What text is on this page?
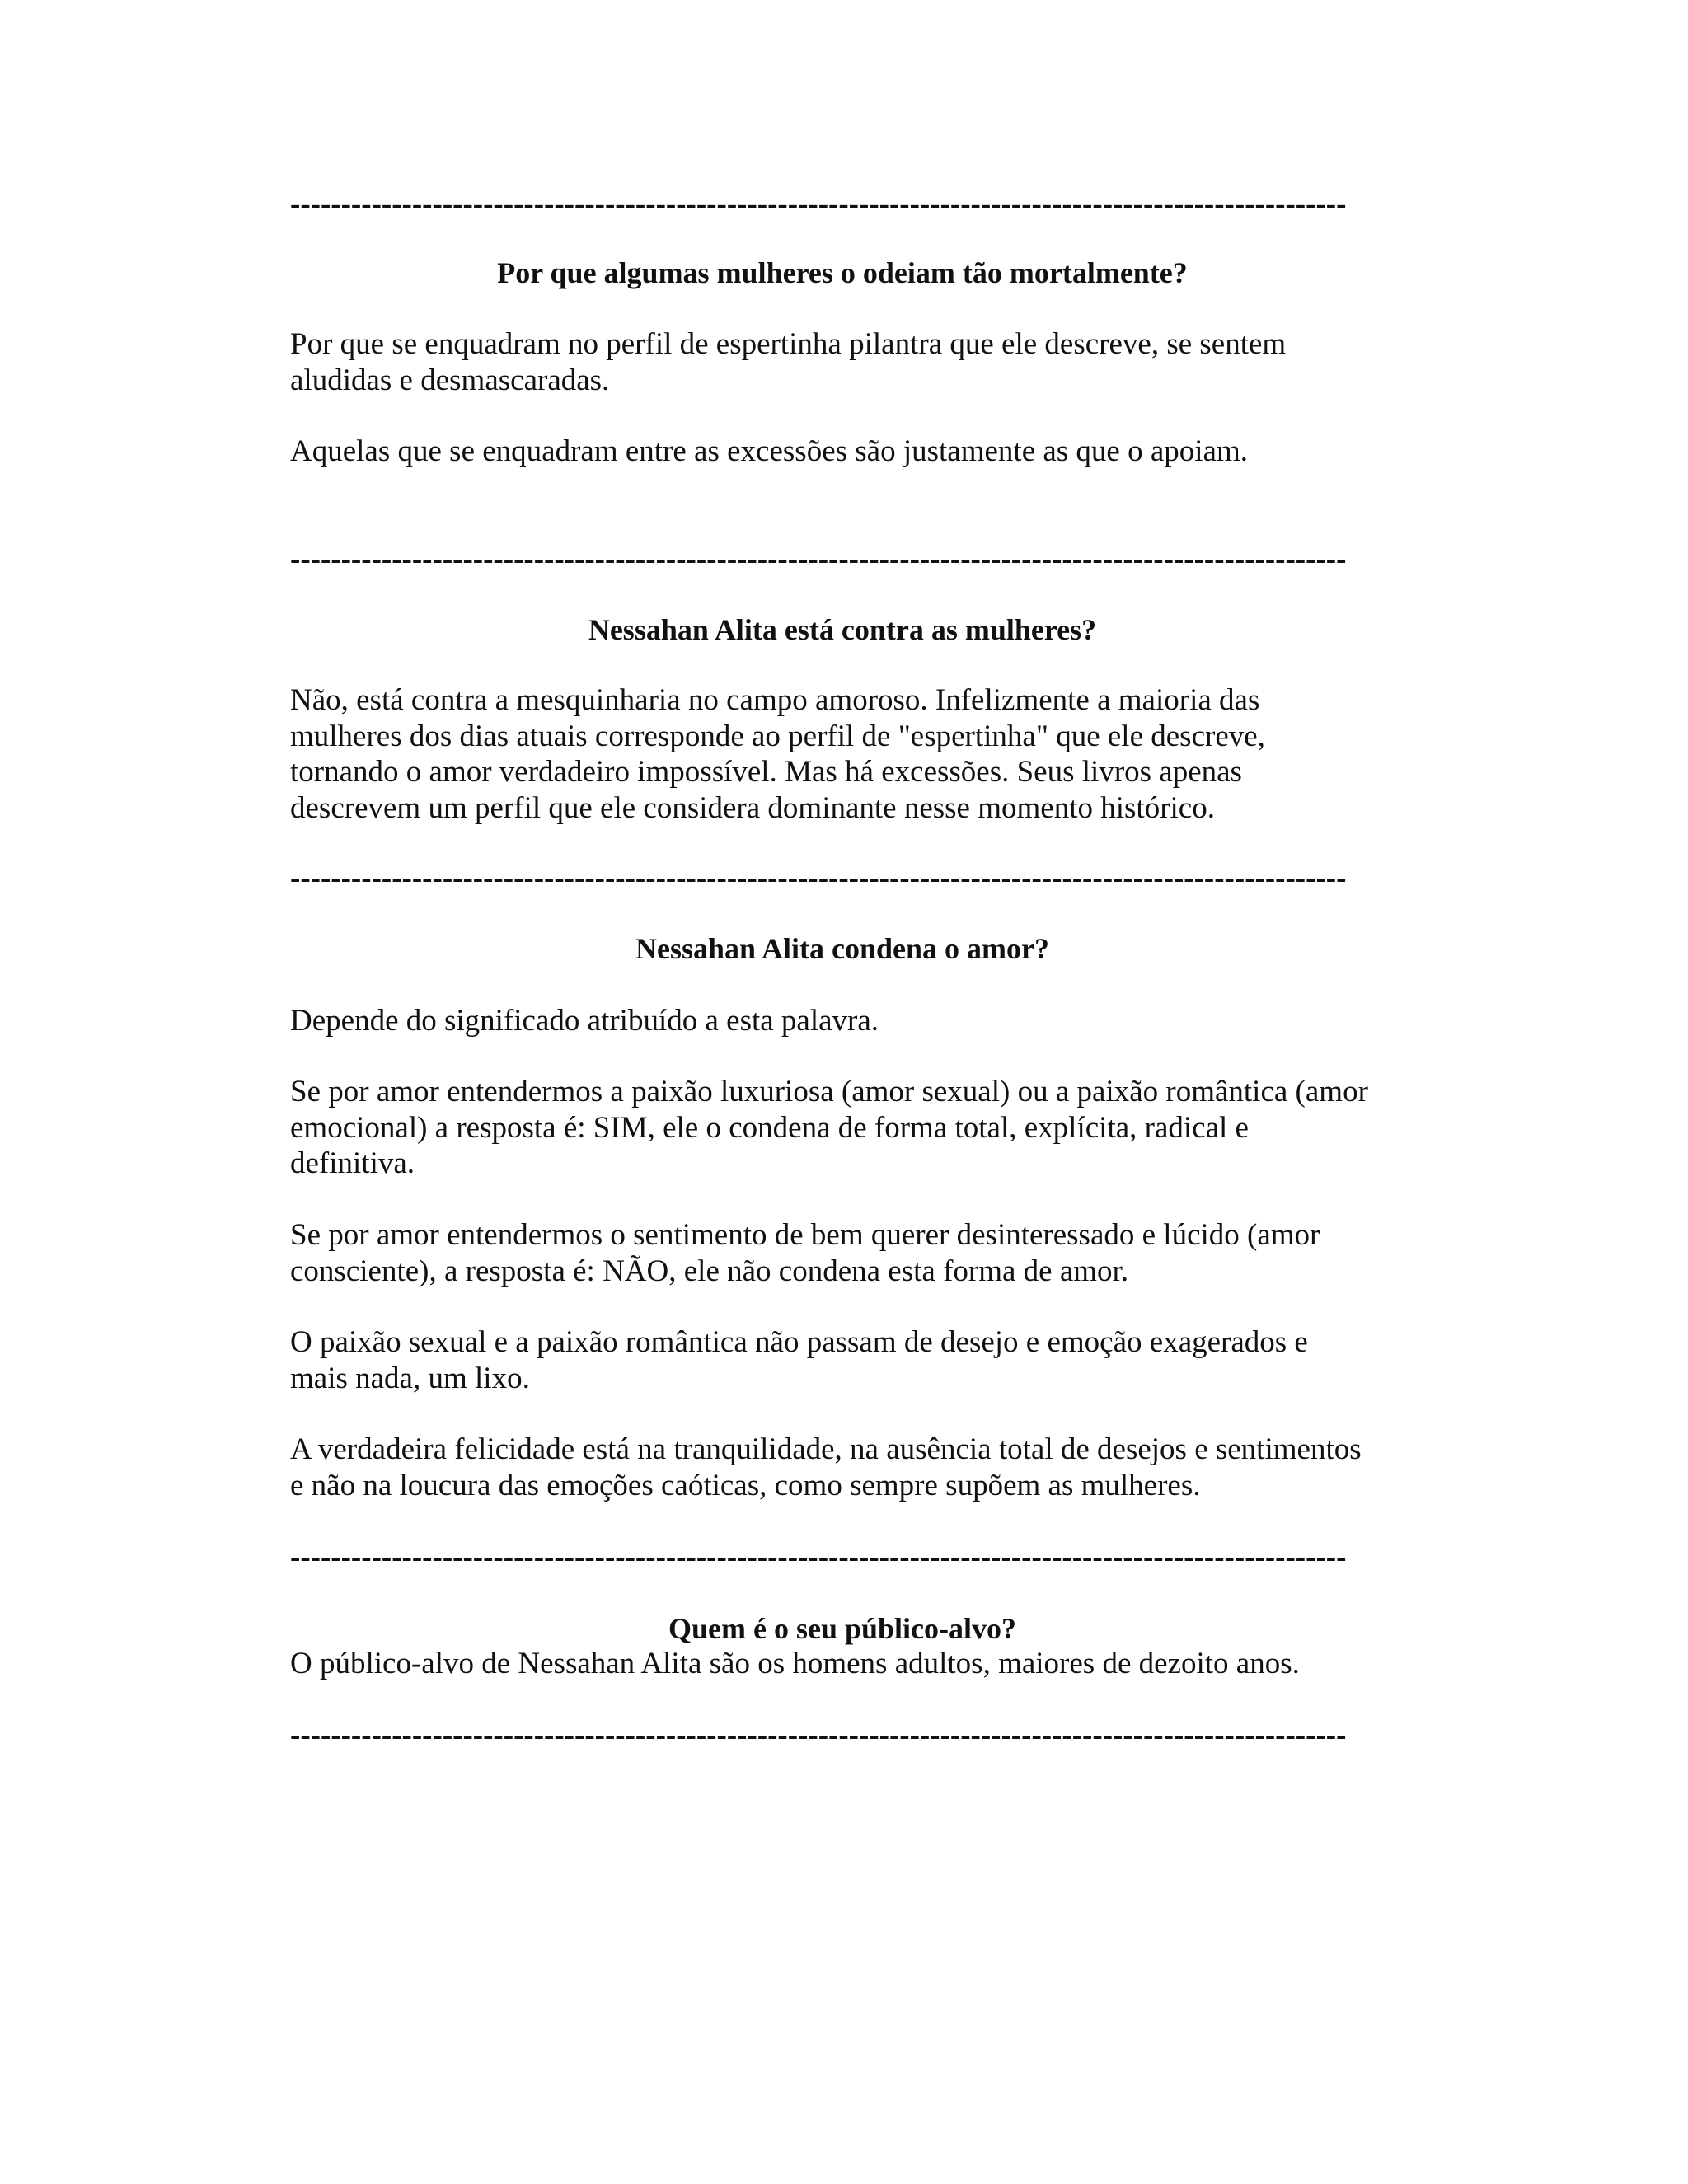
--------------------------------------------------------------------------------------------------------
Por que algumas mulheres o odeiam tão mortalmente?
Por que se enquadram no perfil de espertinha pilantra que ele descreve, se sentem
aludidas e desmascaradas.
Aquelas que se enquadram entre as excessões são justamente as que o apoiam.
--------------------------------------------------------------------------------------------------------
Nessahan Alita está contra as mulheres?
Não, está contra a mesquinharia no campo amoroso. Infelizmente a maioria das
mulheres dos dias atuais corresponde ao perfil de "espertinha" que ele descreve,
tornando o amor verdadeiro impossível. Mas há excessões. Seus livros apenas
descrevem um perfil que ele considera dominante nesse momento histórico.
--------------------------------------------------------------------------------------------------------
Nessahan Alita condena o amor?
Depende do significado atribuído a esta palavra.
Se por amor entendermos a paixão luxuriosa (amor sexual) ou a paixão romântica (amor
emocional) a resposta é: SIM, ele o condena de forma total, explícita, radical e
definitiva.
Se por amor entendermos o sentimento de bem querer desinteressado e lúcido (amor
consciente), a resposta é: NÃO, ele não condena esta forma de amor.
O paixão sexual e a paixão romântica não passam de desejo e emoção exagerados e
mais nada, um lixo.
A verdadeira felicidade está na tranquilidade, na ausência total de desejos e sentimentos
e não na loucura das emoções caóticas, como sempre supõem as mulheres.
--------------------------------------------------------------------------------------------------------
Quem é o seu público-alvo?
O público-alvo de Nessahan Alita são os homens adultos, maiores de dezoito anos.
--------------------------------------------------------------------------------------------------------
